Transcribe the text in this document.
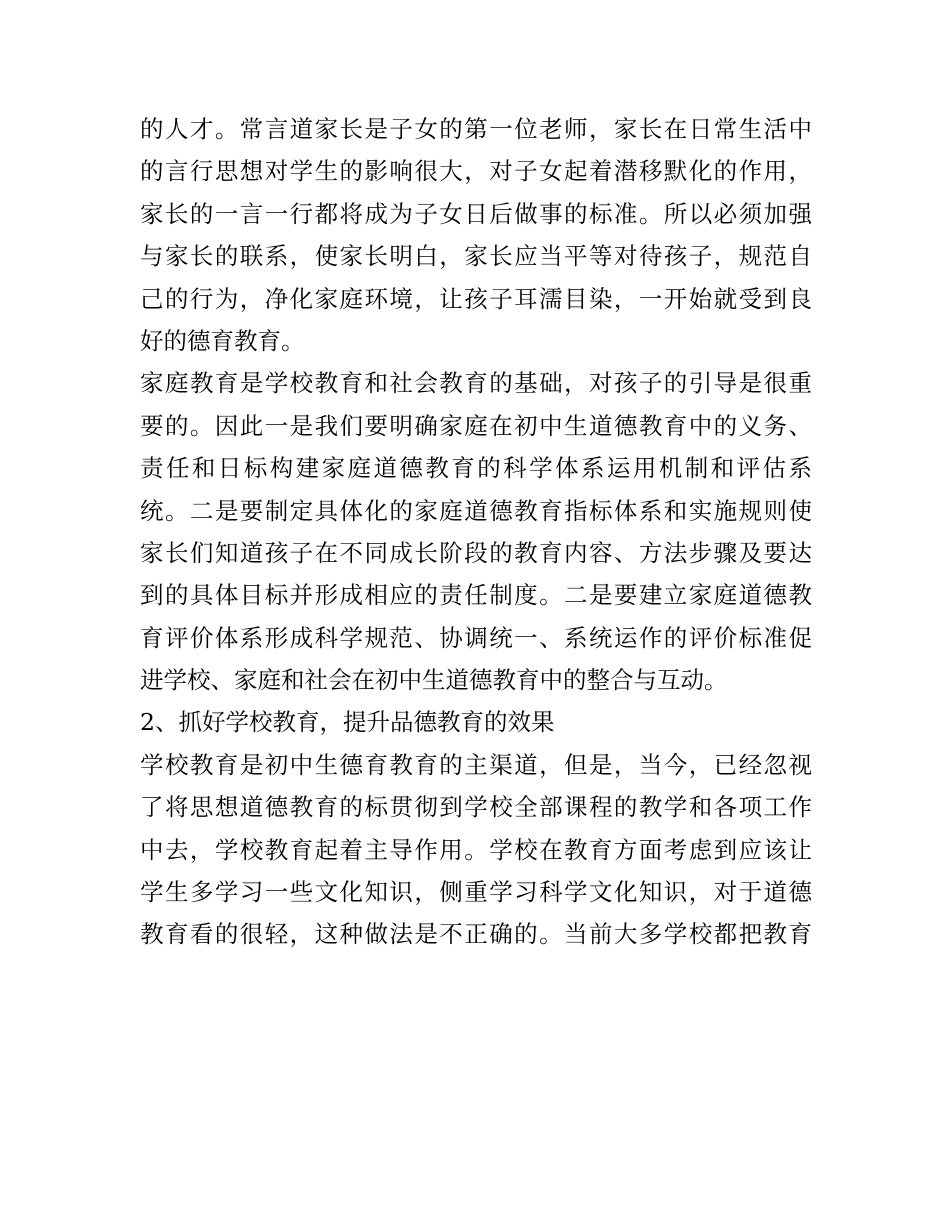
的人才。常言道家长是子女的第一位老师，家长在日常生活中
的言行思想对学生的影响很大，对子女起着潜移默化的作用，
家长的一言一行都将成为子女日后做事的标准。所以必须加强
与家长的联系，使家长明白，家长应当平等对待孩子，规范自
己的行为，净化家庭环境，让孩子耳濡目染，一开始就受到良
好的德育教育。
家庭教育是学校教育和社会教育的基础，对孩子的引导是很重
要的。因此一是我们要明确家庭在初中生道德教育中的义务、
责任和日标构建家庭道德教育的科学体系运用机制和评估系
统。二是要制定具体化的家庭道德教育指标体系和实施规则使
家长们知道孩子在不同成长阶段的教育内容、方法步骤及要达
到的具体目标并形成相应的责任制度。二是要建立家庭道德教
育评价体系形成科学规范、协调统一、系统运作的评价标准促
进学校、家庭和社会在初中生道德教育中的整合与互动。
2、抓好学校教育，提升品德教育的效果
学校教育是初中生德育教育的主渠道，但是，当今，已经忽视
了将思想道德教育的标贯彻到学校全部课程的教学和各项工作
中去，学校教育起着主导作用。学校在教育方面考虑到应该让
学生多学习一些文化知识，侧重学习科学文化知识，对于道德
教育看的很轻，这种做法是不正确的。当前大多学校都把教育
